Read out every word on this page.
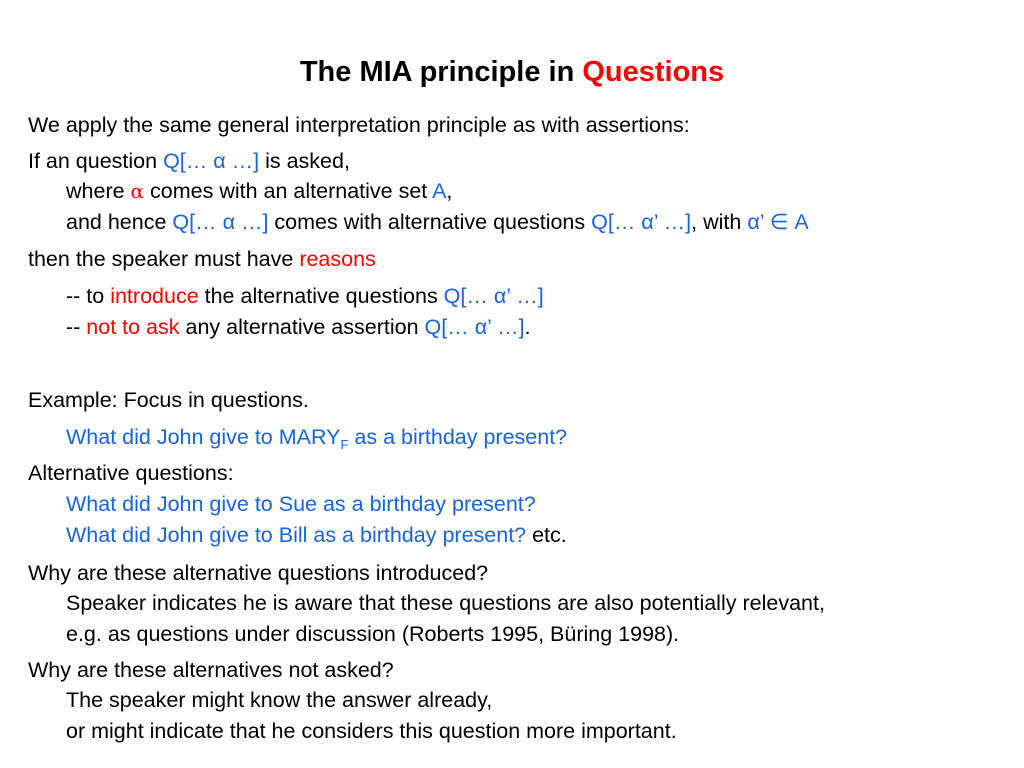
The MIA principle in Questions
We apply the same general interpretation principle as with assertions:
If an question Q[… α …] is asked,
where α comes with an alternative set A,
and hence Q[… α …] comes with alternative questions Q[… α’ …], with α’ ∈ A
then the speaker must have reasons
-- to introduce the alternative questions Q[… α’ …]
-- not to ask any alternative assertion Q[… α’ …].
Example: Focus in questions.
What did John give to $MARY_F$ as a birthday present?
Alternative questions:
What did John give to Sue as a birthday present?
What did John give to Bill as a birthday present? etc.
Why are these alternative questions introduced?
Speaker indicates he is aware that these questions are also potentially relevant,
e.g. as questions under discussion (Roberts 1995, Büring 1998).
Why are these alternatives not asked?
The speaker might know the answer already,
or might indicate that he considers this question more important.
